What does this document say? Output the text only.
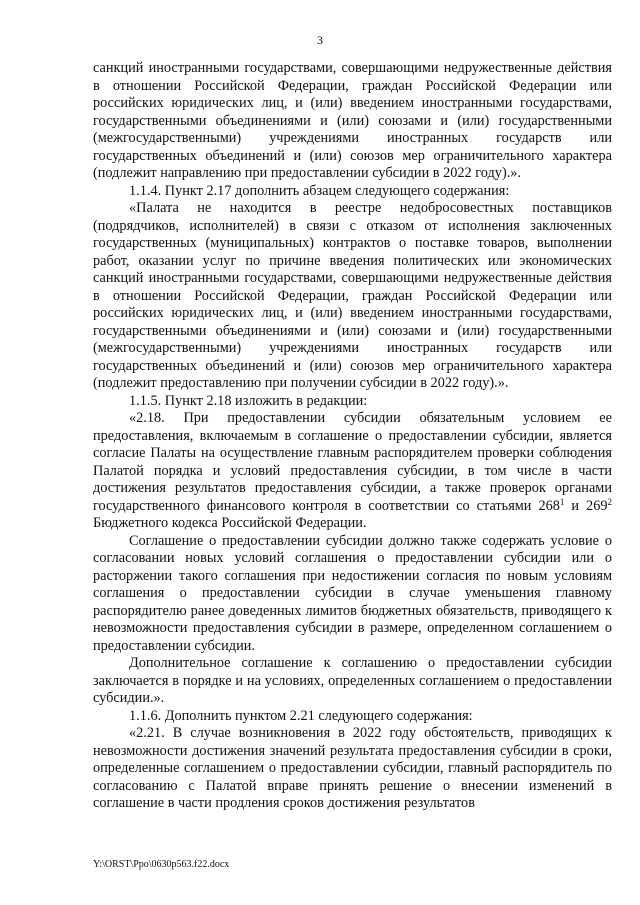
3

санкций иностранными государствами, совершающими недружественные действия в отношении Российской Федерации, граждан Российской Федерации или российских юридических лиц, и (или) введением иностранными государствами, государственными объединениями и (или) союзами и (или) государственными (межгосударственными) учреждениями иностранных государств или государственных объединений и (или) союзов мер ограничительного характера (подлежит направлению при предоставлении субсидии в 2022 году).».

1.1.4. Пункт 2.17 дополнить абзацем следующего содержания:

«Палата не находится в реестре недобросовестных поставщиков (подрядчиков, исполнителей) в связи с отказом от исполнения заключенных государственных (муниципальных) контрактов о поставке товаров, выполнении работ, оказании услуг по причине введения политических или экономических санкций иностранными государствами, совершающими недружественные действия в отношении Российской Федерации, граждан Российской Федерации или российских юридических лиц, и (или) введением иностранными государствами, государственными объединениями и (или) союзами и (или) государственными (межгосударственными) учреждениями иностранных государств или государственных объединений и (или) союзов мер ограничительного характера (подлежит предоставлению при получении субсидии в 2022 году).».

1.1.5. Пункт 2.18 изложить в редакции:

«2.18. При предоставлении субсидии обязательным условием ее предоставления, включаемым в соглашение о предоставлении субсидии, является согласие Палаты на осуществление главным распорядителем проверки соблюдения Палатой порядка и условий предоставления субсидии, в том числе в части достижения результатов предоставления субсидии, а также проверок органами государственного финансового контроля в соответствии со статьями $268^1$ и $269^2$ Бюджетного кодекса Российской Федерации.

Соглашение о предоставлении субсидии должно также содержать условие о согласовании новых условий соглашения о предоставлении субсидии или о расторжении такого соглашения при недостижении согласия по новым условиям соглашения о предоставлении субсидии в случае уменьшения главному распорядителю ранее доведенных лимитов бюджетных обязательств, приводящего к невозможности предоставления субсидии в размере, определенном соглашением о предоставлении субсидии.

Дополнительное соглашение к соглашению о предоставлении субсидии заключается в порядке и на условиях, определенных соглашением о предоставлении субсидии.».

1.1.6. Дополнить пунктом 2.21 следующего содержания:

«2.21. В случае возникновения в 2022 году обстоятельств, приводящих к невозможности достижения значений результата предоставления субсидии в сроки, определенные соглашением о предоставлении субсидии, главный распорядитель по согласованию с Палатой вправе принять решение о внесении изменений в соглашение в части продления сроков достижения результатов

Y:\ORST\Ppo\0630p563.f22.docx
